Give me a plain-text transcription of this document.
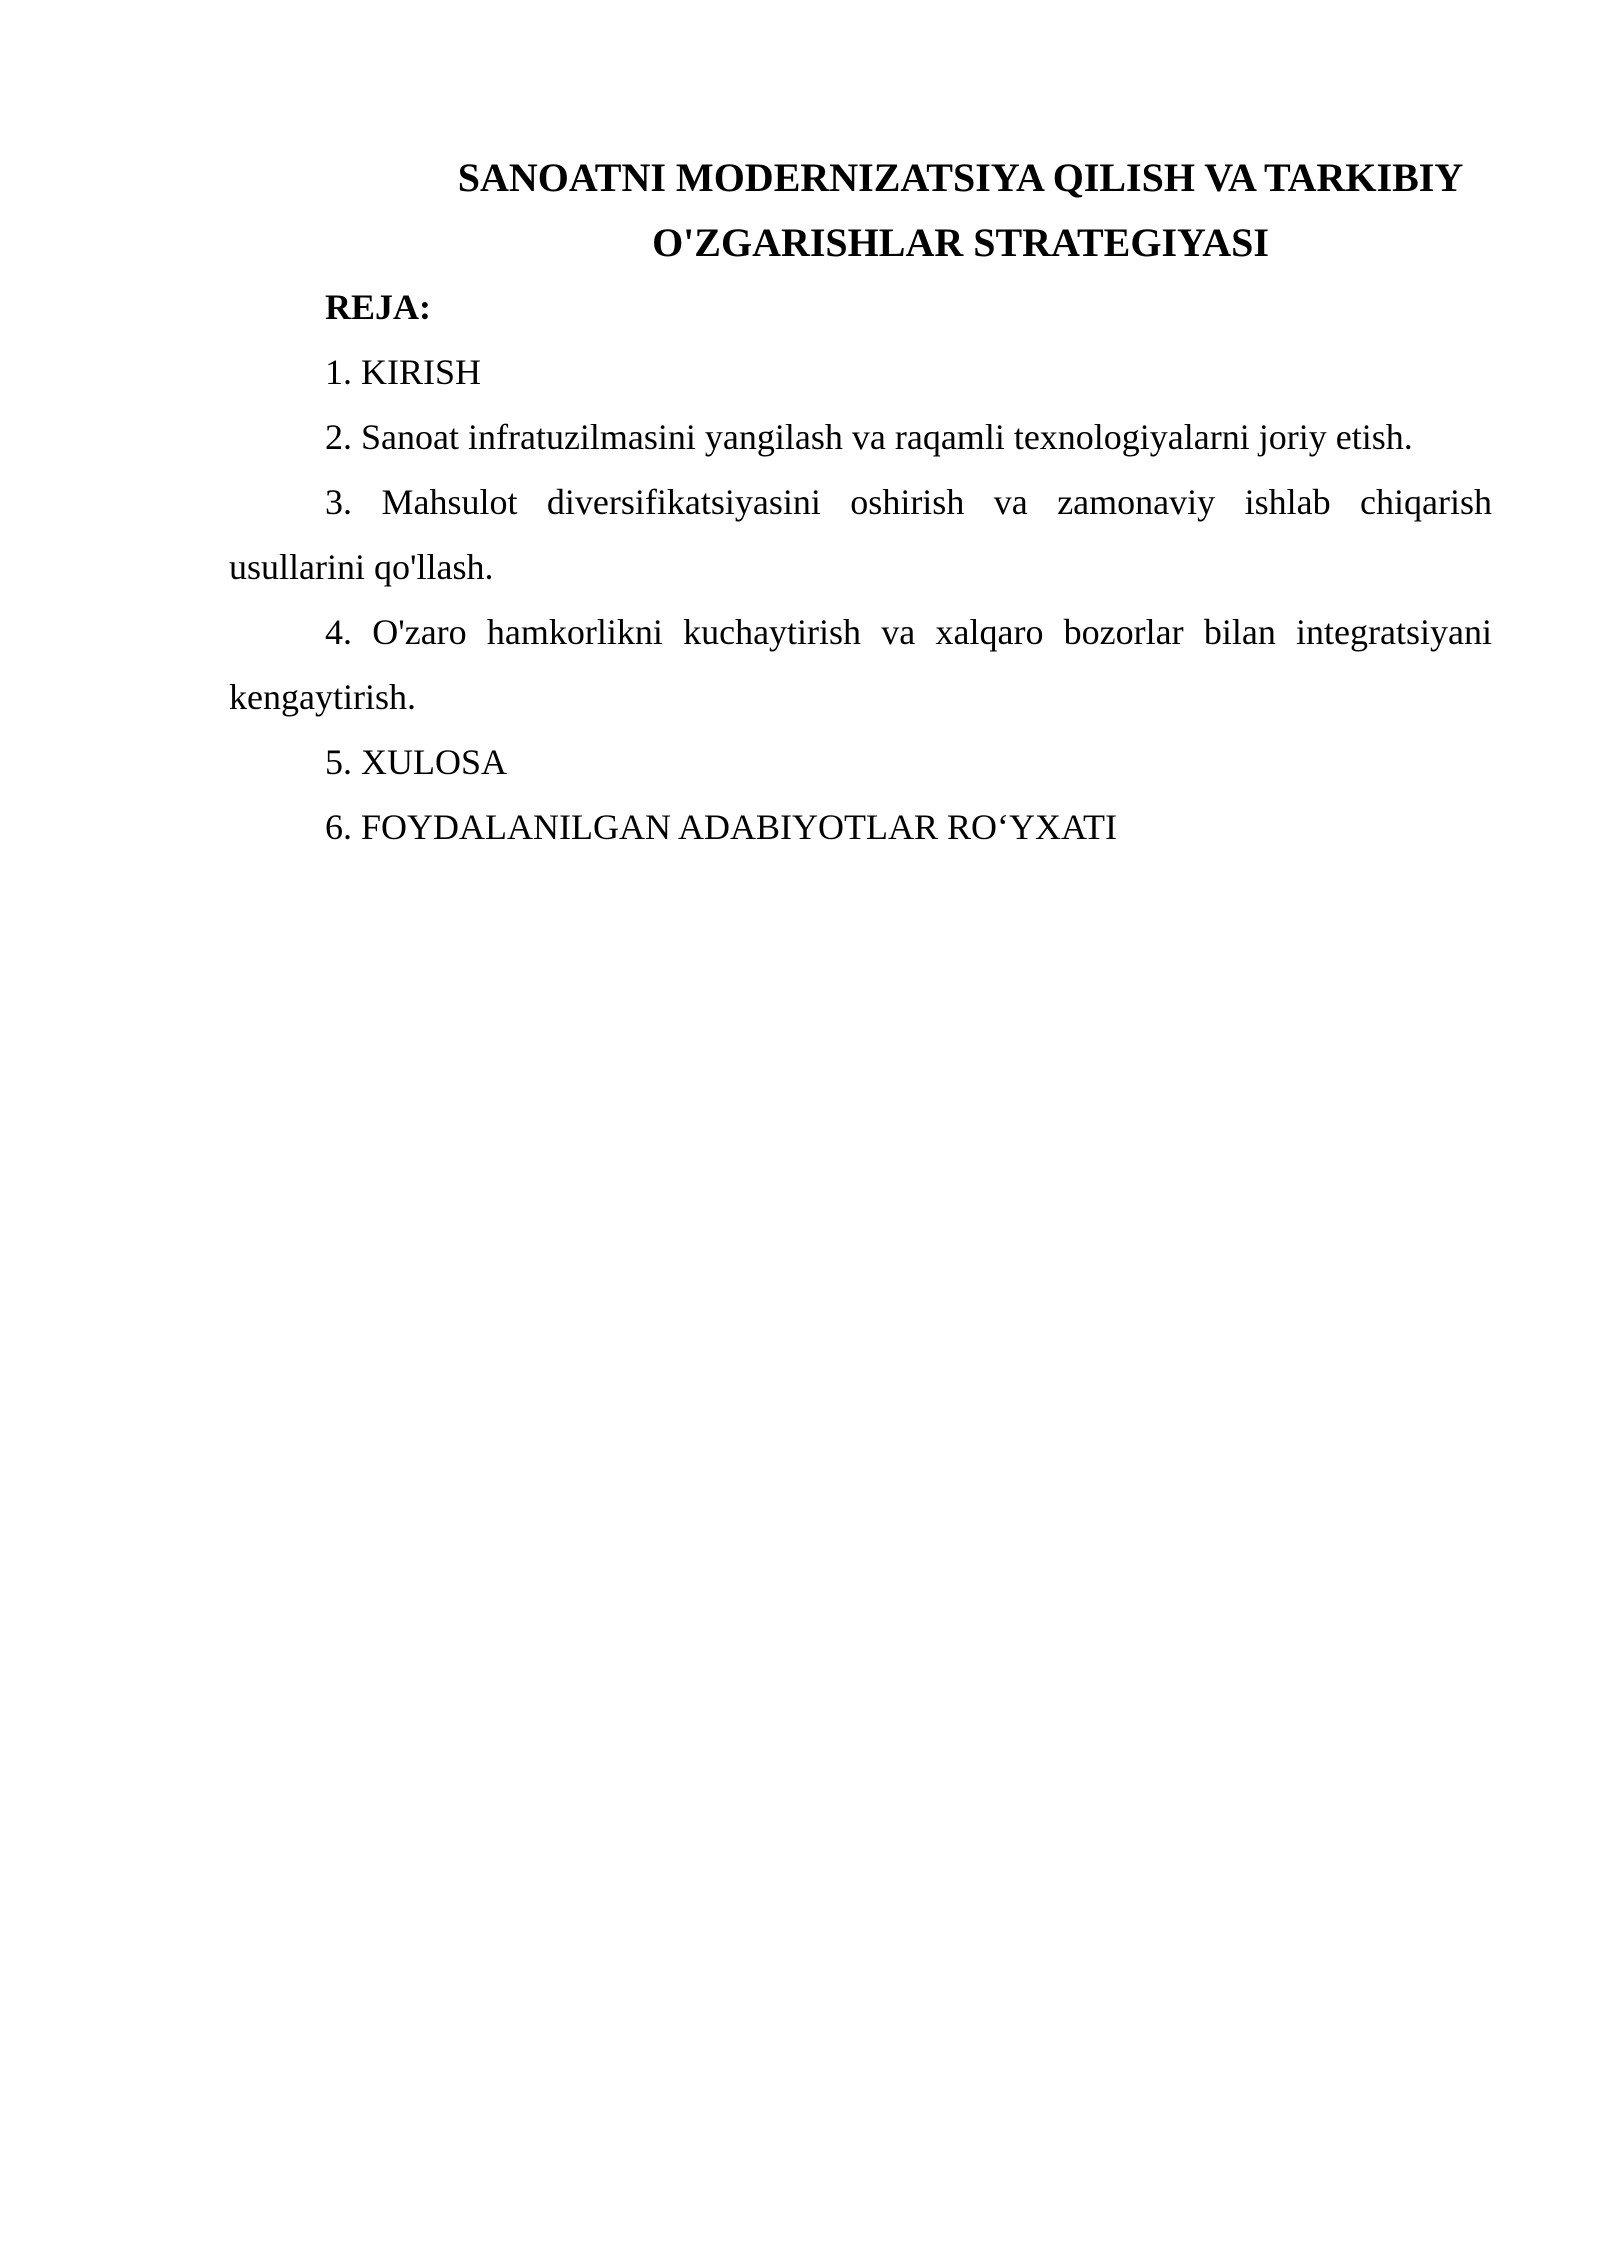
SANOATNI MODERNIZATSIYA QILISH VA TARKIBIY
O'ZGARISHLAR STRATEGIYASI

REJA:

1. KIRISH

2. Sanoat infratuzilmasini yangilash va raqamli texnologiyalarni joriy etish.

3. Mahsulot diversifikatsiyasini oshirish va zamonaviy ishlab chiqarish usullarini qo'llash.

4. O'zaro hamkorlikni kuchaytirish va xalqaro bozorlar bilan integratsiyani kengaytirish.

5. XULOSA

6. FOYDALANILGAN ADABIYOTLAR RO‘YXATI
